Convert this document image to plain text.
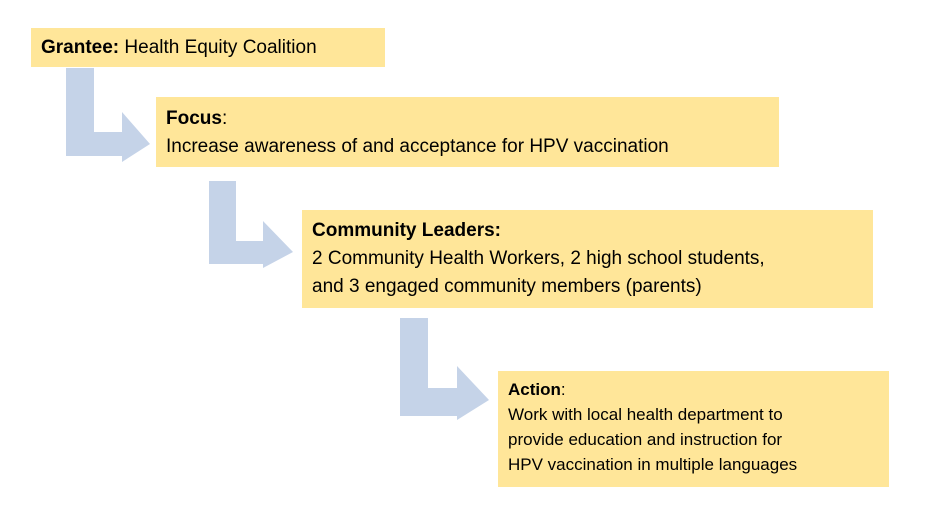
Grantee: Health Equity Coalition
Focus:
Increase awareness of and acceptance for HPV vaccination
Community Leaders:
2 Community Health Workers, 2 high school students,
and 3 engaged community members (parents)
Action:
Work with local health department to
provide education and instruction for
HPV vaccination in multiple languages
